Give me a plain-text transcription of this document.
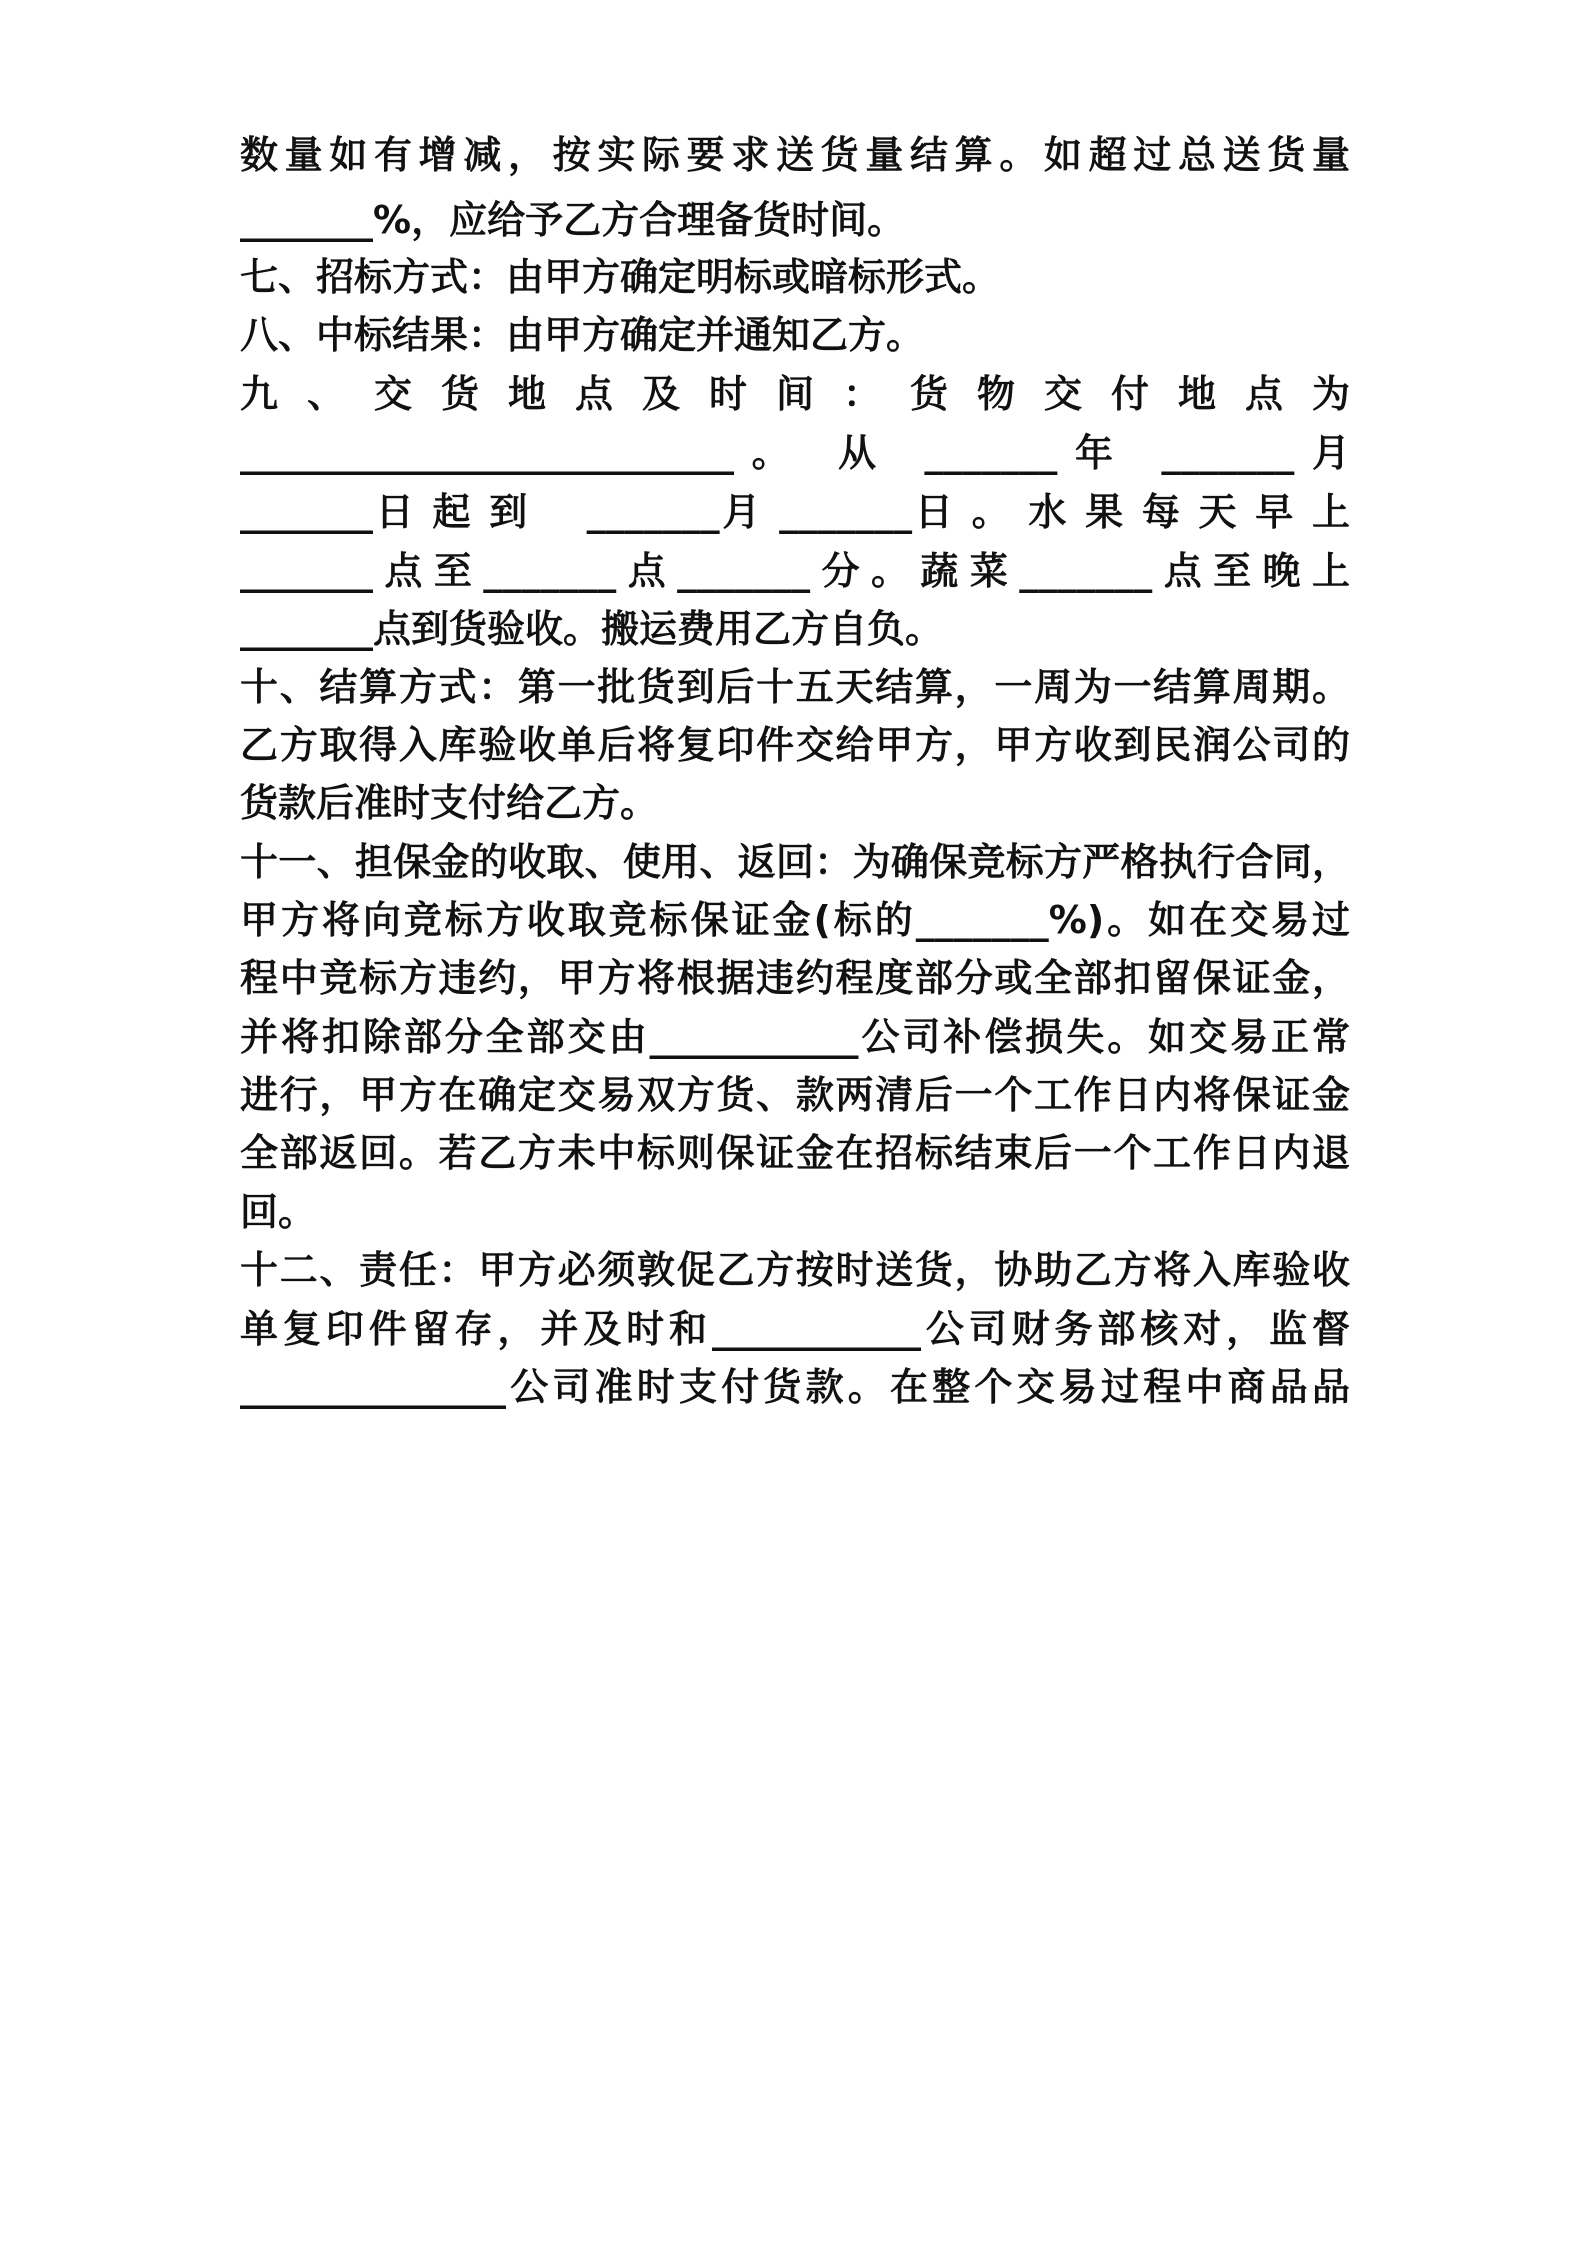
数量如有增减，按实际要求送货量结算。如超过总送货量
_______%，应给予乙方合理备货时间。
七、招标方式：由甲方确定明标或暗标形式。
八、中标结果：由甲方确定并通知乙方。
九 、 交 货 地 点 及 时 间 ： 货 物 交 付 地 点 为
__________________________。 从 _______年 _______月
_______日 起 到　 _______月 _______日 。 水 果 每 天 早 上
_______点至_______点_______分。蔬菜_______点至晚上
_______点到货验收。搬运费用乙方自负。
十、结算方式：第一批货到后十五天结算，一周为一结算周期。
乙方取得入库验收单后将复印件交给甲方，甲方收到民润公司的
货款后准时支付给乙方。
十一、担保金的收取、使用、返回：为确保竞标方严格执行合同，
甲方将向竞标方收取竞标保证金(标的_______%)。如在交易过
程中竞标方违约，甲方将根据违约程度部分或全部扣留保证金，
并将扣除部分全部交由___________公司补偿损失。如交易正常
进行，甲方在确定交易双方货、款两清后一个工作日内将保证金
全部返回。若乙方未中标则保证金在招标结束后一个工作日内退
回。
十二、责任：甲方必须敦促乙方按时送货，协助乙方将入库验收
单复印件留存，并及时和___________公司财务部核对，监督
______________公司准时支付货款。在整个交易过程中商品品
